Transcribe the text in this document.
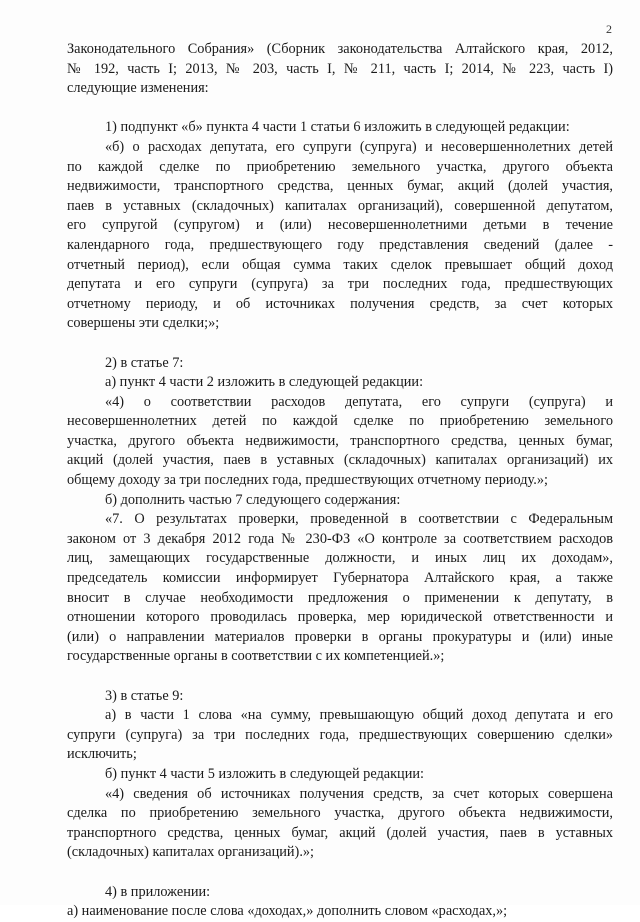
2
Законодательного Собрания» (Сборник законодательства Алтайского края, 2012,
№ 192, часть I; 2013, № 203, часть I, № 211, часть I; 2014, № 223, часть I)
следующие изменения:
1) подпункт «б» пункта 4 части 1 статьи 6 изложить в следующей редакции:
«б) о расходах депутата, его супруги (супруга) и несовершеннолетних детей
по каждой сделке по приобретению земельного участка, другого объекта
недвижимости, транспортного средства, ценных бумаг, акций (долей участия,
паев в уставных (складочных) капиталах организаций), совершенной депутатом,
его супругой (супругом) и (или) несовершеннолетними детьми в течение
календарного года, предшествующего году представления сведений (далее -
отчетный период), если общая сумма таких сделок превышает общий доход
депутата и его супруги (супруга) за три последних года, предшествующих
отчетному периоду, и об источниках получения средств, за счет которых
совершены эти сделки;»;
2) в статье 7:
а) пункт 4 части 2 изложить в следующей редакции:
«4) о соответствии расходов депутата, его супруги (супруга) и
несовершеннолетних детей по каждой сделке по приобретению земельного
участка, другого объекта недвижимости, транспортного средства, ценных бумаг,
акций (долей участия, паев в уставных (складочных) капиталах организаций) их
общему доходу за три последних года, предшествующих отчетному периоду.»;
б) дополнить частью 7 следующего содержания:
«7. О результатах проверки, проведенной в соответствии с Федеральным
законом от 3 декабря 2012 года № 230-ФЗ «О контроле за соответствием расходов
лиц, замещающих государственные должности, и иных лиц их доходам»,
председатель комиссии информирует Губернатора Алтайского края, а также
вносит в случае необходимости предложения о применении к депутату, в
отношении которого проводилась проверка, мер юридической ответственности и
(или) о направлении материалов проверки в органы прокуратуры и (или) иные
государственные органы в соответствии с их компетенцией.»;
3) в статье 9:
а) в части 1 слова «на сумму, превышающую общий доход депутата и его
супруги (супруга) за три последних года, предшествующих совершению сделки»
исключить;
б) пункт 4 части 5 изложить в следующей редакции:
«4) сведения об источниках получения средств, за счет которых совершена
сделка по приобретению земельного участка, другого объекта недвижимости,
транспортного средства, ценных бумаг, акций (долей участия, паев в уставных
(складочных) капиталах организаций).»;
4) в приложении:
а) наименование после слова «доходах,» дополнить словом «расходах,»;
